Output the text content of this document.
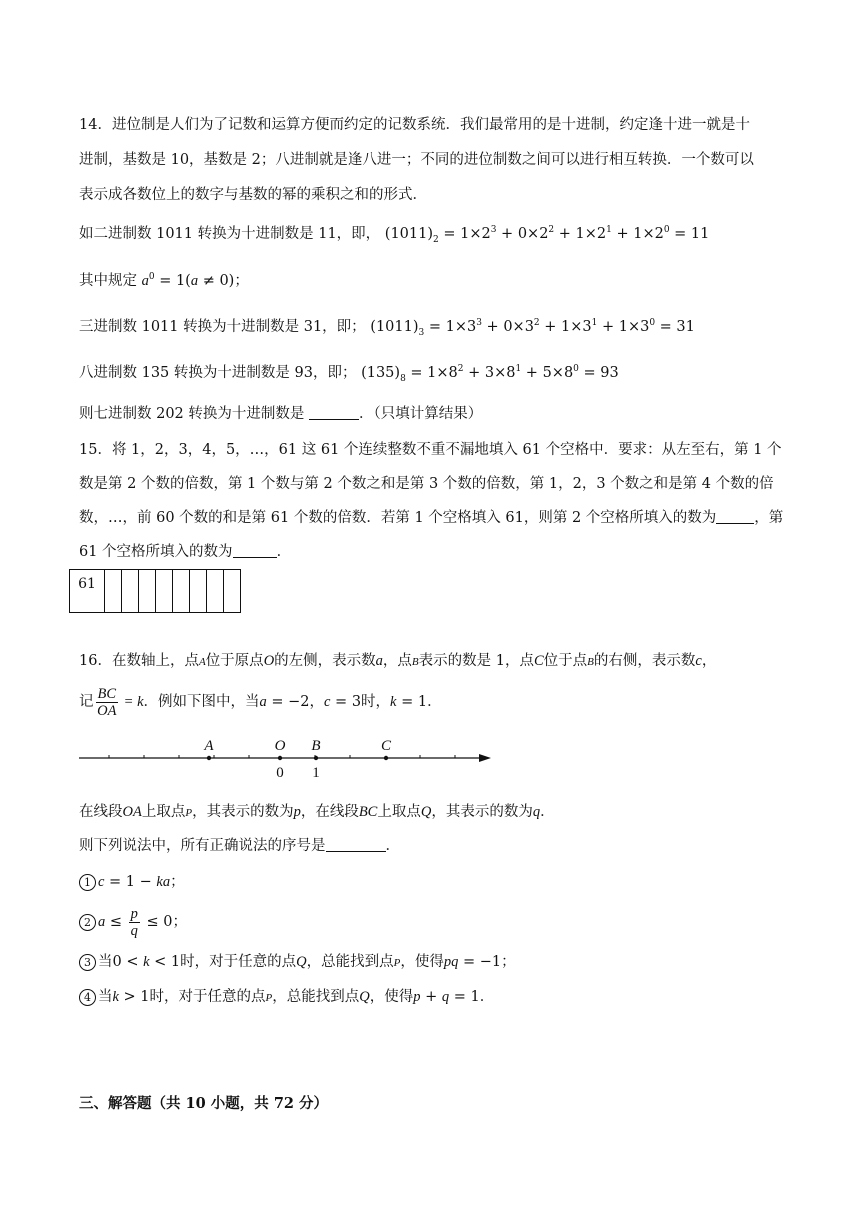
14．进位制是人们为了记数和运算方便而约定的记数系统．我们最常用的是十进制，约定逢十进一就是十
进制，基数是 10，基数是 2；八进制就是逢八进一；不同的进位制数之间可以进行相互转换．一个数可以
表示成各数位上的数字与基数的幂的乘积之和的形式．
如二进制数 1011 转换为十进制数是 11，即， $(1011)_2 = 1\times 2^3 + 0\times 2^2 + 1\times 2^1 + 1\times 2^0 = 11$
其中规定 $a^0 = 1(a \ne 0)$；
三进制数 1011 转换为十进制数是 31，即； $(1011)_3 = 1\times 3^3 + 0\times 3^2 + 1\times 3^1 + 1\times 3^0 = 31$
八进制数 135 转换为十进制数是 93，即； $(135)_8 = 1\times 8^2 + 3\times 8^1 + 5\times 8^0 = 93$
则七进制数 202 转换为十进制数是	．（只填计算结果）
15．将 1，2，3，4，5，…，61 这 61 个连续整数不重不漏地填入 61 个空格中．要求：从左至右，第 1 个
数是第 2 个数的倍数，第 1 个数与第 2 个数之和是第 3 个数的倍数，第 1，2，3 个数之和是第 4 个数的倍
数，…，前 60 个数的和是第 61 个数的倍数．若第 1 个空格填入 61，则第 2 个空格所填入的数为	，第
61 个空格所填入的数为	．
61								
16．在数轴上，点A位于原点O的左侧，表示数a，点B表示的数是 1，点C位于点B的右侧，表示数c，
记 $\frac{BC}{OA} = k$．例如下图中，当a = −2，c = 3时，k = 1．
A	O B	C
0 1
在线段OA上取点P，其表示的数为p，在线段BC上取点Q，其表示的数为q．
则下列说法中，所有正确说法的序号是	．
1 c = 1 − ka；
2 $a \le \frac{p}{q} \le 0$；
3 当0 < k < 1时，对于任意的点Q，总能找到点P，使得pq = −1；
4 当k > 1时，对于任意的点P，总能找到点Q，使得p + q = 1．
三、解答题（共 10 小题，共 72 分）
